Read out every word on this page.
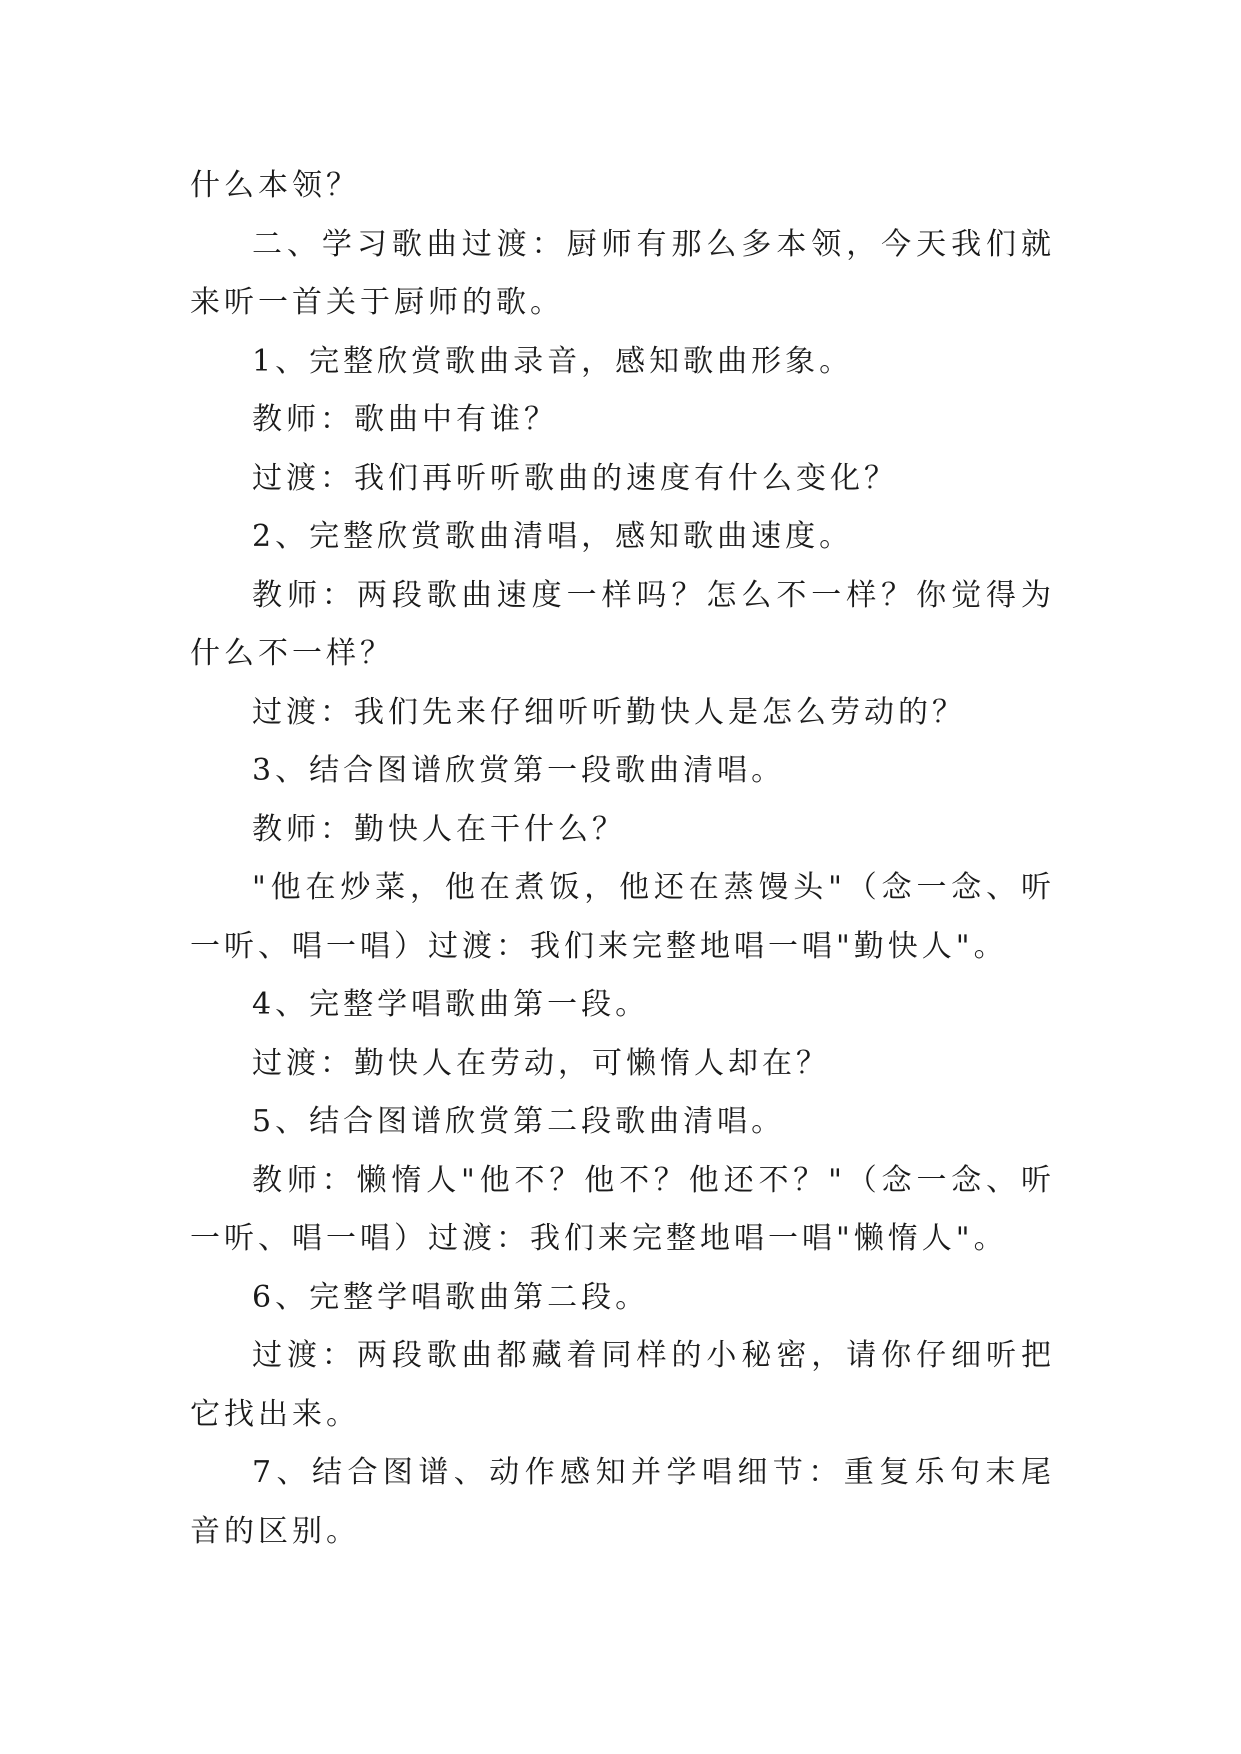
什么本领？

二、学习歌曲过渡：厨师有那么多本领，今天我们就来听一首关于厨师的歌。

1、完整欣赏歌曲录音，感知歌曲形象。

教师：歌曲中有谁？

过渡：我们再听听歌曲的速度有什么变化？

2、完整欣赏歌曲清唱，感知歌曲速度。

教师：两段歌曲速度一样吗？怎么不一样？你觉得为什么不一样？

过渡：我们先来仔细听听勤快人是怎么劳动的？

3、结合图谱欣赏第一段歌曲清唱。

教师：勤快人在干什么？

"他在炒菜，他在煮饭，他还在蒸馒头"（念一念、听一听、唱一唱）过渡：我们来完整地唱一唱"勤快人"。

4、完整学唱歌曲第一段。

过渡：勤快人在劳动，可懒惰人却在？

5、结合图谱欣赏第二段歌曲清唱。

教师：懒惰人"他不？他不？他还不？"（念一念、听一听、唱一唱）过渡：我们来完整地唱一唱"懒惰人"。

6、完整学唱歌曲第二段。

过渡：两段歌曲都藏着同样的小秘密，请你仔细听把它找出来。

7、结合图谱、动作感知并学唱细节：重复乐句末尾音的区别。
